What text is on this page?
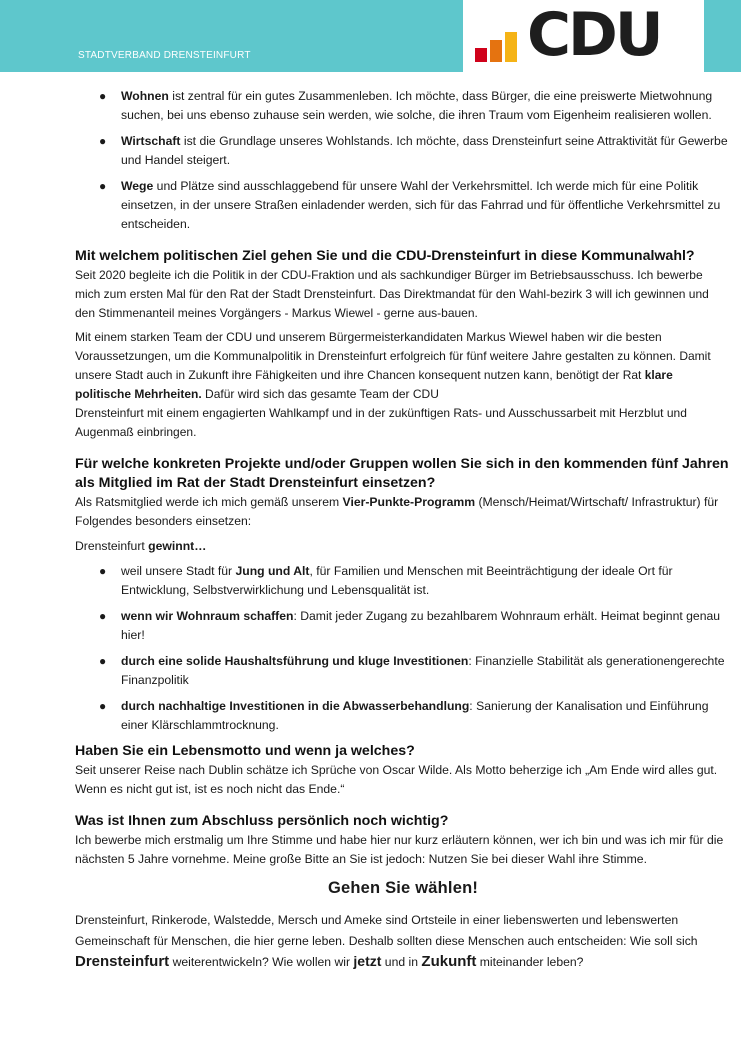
STADTVERBAND DRENSTEINFURT	CDU
● Wohnen ist zentral für ein gutes Zusammenleben. Ich möchte, dass Bürger, die eine preiswerte Mietwohnung suchen, bei uns ebenso zuhause sein werden, wie solche, die ihren Traum vom Eigenheim realisieren wollen.
● Wirtschaft ist die Grundlage unseres Wohlstands. Ich möchte, dass Drensteinfurt seine Attraktivität für Gewerbe und Handel steigert.
● Wege und Plätze sind ausschlaggebend für unsere Wahl der Verkehrsmittel. Ich werde mich für eine Politik einsetzen, in der unsere Straßen einladender werden, sich für das Fahrrad und für öffentliche Verkehrsmittel zu entscheiden.
Mit welchem politischen Ziel gehen Sie und die CDU-Drensteinfurt in diese Kommunalwahl?

Seit 2020 begleite ich die Politik in der CDU-Fraktion und als sachkundiger Bürger im Betriebsausschuss. Ich bewerbe mich zum ersten Mal für den Rat der Stadt Drensteinfurt. Das Direktmandat für den Wahl-bezirk 3 will ich gewinnen und den Stimmenanteil meines Vorgängers - Markus Wiewel - gerne aus-bauen.

Mit einem starken Team der CDU und unserem Bürgermeisterkandidaten Markus Wiewel haben wir die besten Voraussetzungen, um die Kommunalpolitik in Drensteinfurt erfolgreich für fünf weitere Jahre gestalten zu können. Damit unsere Stadt auch in Zukunft ihre Fähigkeiten und ihre Chancen konsequent nutzen kann, benötigt der Rat klare politische Mehrheiten. Dafür wird sich das gesamte Team der CDU
Drensteinfurt mit einem engagierten Wahlkampf und in der zukünftigen Rats- und Ausschussarbeit mit Herzblut und Augenmaß einbringen.

Für welche konkreten Projekte und/oder Gruppen wollen Sie sich in den kommenden fünf Jahren als Mitglied im Rat der Stadt Drensteinfurt einsetzen?

Als Ratsmitglied werde ich mich gemäß unserem Vier-Punkte-Programm (Mensch/Heimat/Wirtschaft/ Infrastruktur) für Folgendes besonders einsetzen:

Drensteinfurt gewinnt…

● weil unsere Stadt für Jung und Alt, für Familien und Menschen mit Beeinträchtigung der ideale Ort für Entwicklung, Selbstverwirklichung und Lebensqualität ist.
● wenn wir Wohnraum schaffen: Damit jeder Zugang zu bezahlbarem Wohnraum erhält. Heimat beginnt genau hier!
● durch eine solide Haushaltsführung und kluge Investitionen: Finanzielle Stabilität als generationengerechte Finanzpolitik
● durch nachhaltige Investitionen in die Abwasserbehandlung: Sanierung der Kanalisation und Einführung einer Klärschlammtrocknung.
Haben Sie ein Lebensmotto und wenn ja welches?

Seit unserer Reise nach Dublin schätze ich Sprüche von Oscar Wilde. Als Motto beherzige ich „Am Ende wird alles gut. Wenn es nicht gut ist, ist es noch nicht das Ende.“

Was ist Ihnen zum Abschluss persönlich noch wichtig?

Ich bewerbe mich erstmalig um Ihre Stimme und habe hier nur kurz erläutern können, wer ich bin und was ich mir für die nächsten 5 Jahre vornehme. Meine große Bitte an Sie ist jedoch: Nutzen Sie bei dieser Wahl ihre Stimme.

Gehen Sie wählen!

Drensteinfurt, Rinkerode, Walstedde, Mersch und Ameke sind Ortsteile in einer liebenswerten und lebenswerten Gemeinschaft für Menschen, die hier gerne leben. Deshalb sollten diese Menschen auch entscheiden: Wie soll sich Drensteinfurt weiterentwickeln? Wie wollen wir jetzt und in Zukunft miteinander leben?
